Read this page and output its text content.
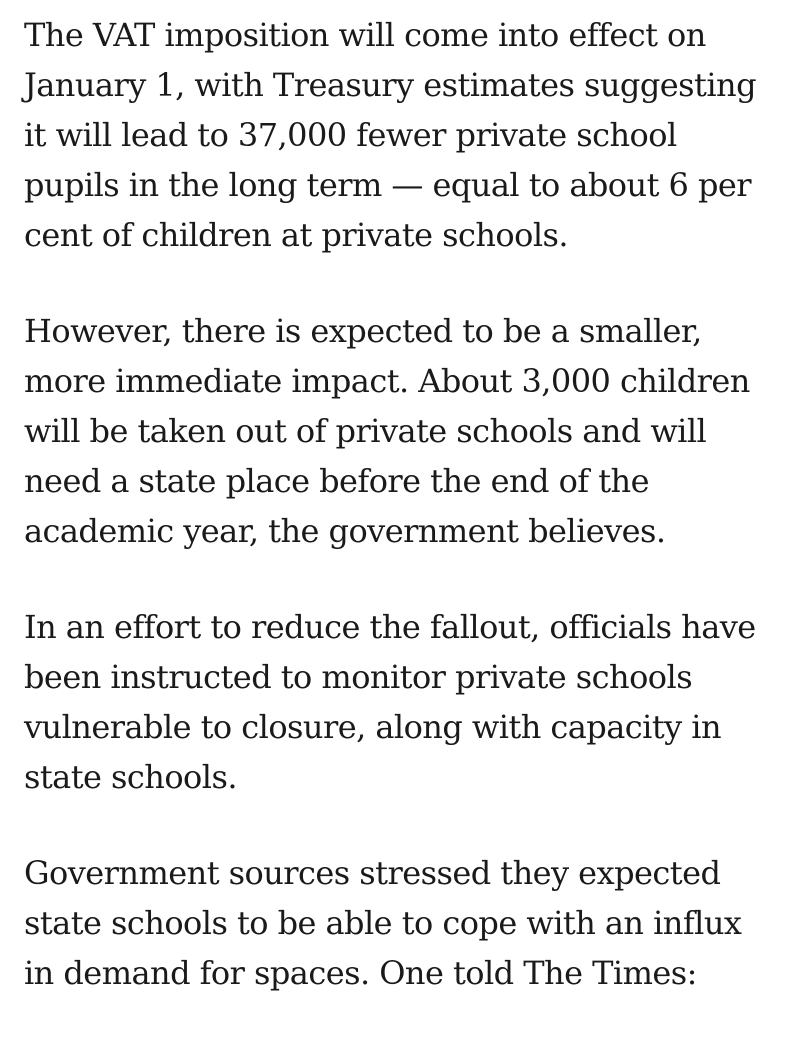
The VAT imposition will come into effect on
January 1, with Treasury estimates suggesting
it will lead to 37,000 fewer private school
pupils in the long term — equal to about 6 per
cent of children at private schools.

However, there is expected to be a smaller,
more immediate impact. About 3,000 children
will be taken out of private schools and will
need a state place before the end of the
academic year, the government believes.

In an effort to reduce the fallout, officials have
been instructed to monitor private schools
vulnerable to closure, along with capacity in
state schools.

Government sources stressed they expected
state schools to be able to cope with an influx
in demand for spaces. One told The Times:
